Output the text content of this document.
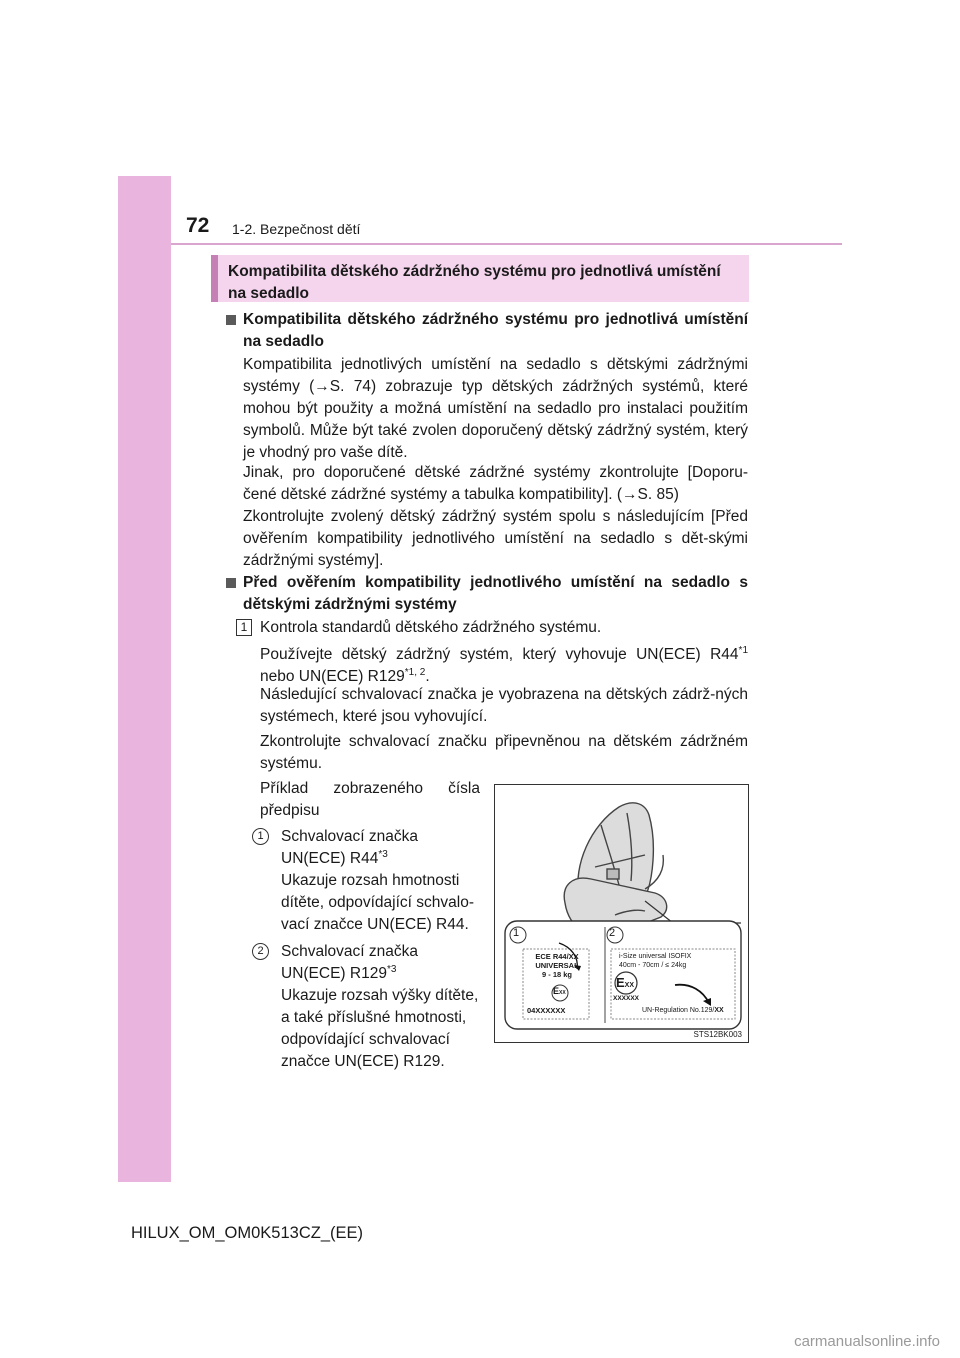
72 1-2. Bezpečnost dětí
Kompatibilita dětského zádržného systému pro jednotlivá umístění na sedadlo
Kompatibilita dětského zádržného systému pro jednotlivá umístění na sedadlo
Kompatibilita jednotlivých umístění na sedadlo s dětskými zádržnými systémy (→S. 74) zobrazuje typ dětských zádržných systémů, které mohou být použity a možná umístění na sedadlo pro instalaci použitím symbolů. Může být také zvolen doporučený dětský zádržný systém, který je vhodný pro vaše dítě.
Jinak, pro doporučené dětské zádržné systémy zkontrolujte [Doporu-čené dětské zádržné systémy a tabulka kompatibility]. (→S. 85)
Zkontrolujte zvolený dětský zádržný systém spolu s následujícím [Před ověřením kompatibility jednotlivého umístění na sedadlo s dět-skými zádržnými systémy].
Před ověřením kompatibility jednotlivého umístění na sedadlo s dětskými zádržnými systémy
1 Kontrola standardů dětského zádržného systému.
Používejte dětský zádržný systém, který vyhovuje UN(ECE) R44$^{*1}$ nebo UN(ECE) R129$^{*1, 2}$.
Následující schvalovací značka je vyobrazena na dětských zádrž-ných systémech, které jsou vyhovující.
Zkontrolujte schvalovací značku připevněnou na dětském zádržném systému.
Příklad zobrazeného čísla předpisu
1	Schvalovací značka UN(ECE) R44$^{*3}$
Ukazuje rozsah hmotnosti dítěte, odpovídající schvalo-vací značce UN(ECE) R44.
2	Schvalovací značka UN(ECE) R129$^{*3}$
Ukazuje rozsah výšky dítěte, a také příslušné hmotnosti, odpovídající schvalovací značce UN(ECE) R129.
1	2
ECE R44/XX
UNIVERSAL
9 - 18 kg
EXX
04XXXXXX
i-Size universal ISOFIX
40cm - 70cm / ≤ 24kg
EXX
XXXXXX
UN-Regulation No.129/XX
STS12BK003
HILUX_OM_OM0K513CZ_(EE)
carmanualsonline.info
